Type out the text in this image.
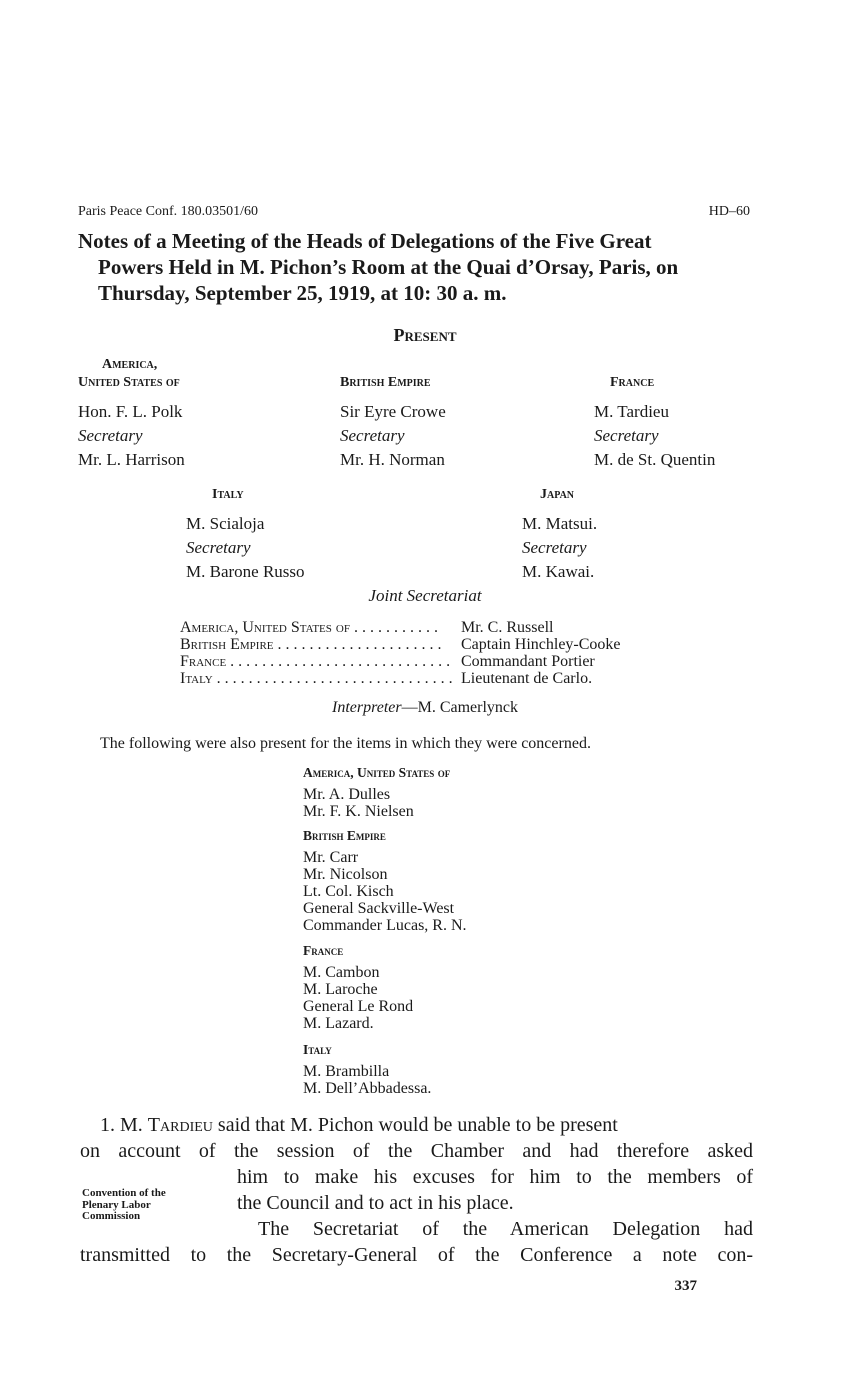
Paris Peace Conf. 180.03501/60	HD–60
Notes of a Meeting of the Heads of Delegations of the Five Great
Powers Held in M. Pichon’s Room at the Quai d’Orsay, Paris, on
Thursday, September 25, 1919, at 10: 30 a. m.
Present
America,
United States of
Hon. F. L. Polk
Secretary
Mr. L. Harrison
British Empire
Sir Eyre Crowe
Secretary
Mr. H. Norman
France
M. Tardieu
Secretary
M. de St. Quentin
Italy
M. Scialoja
Secretary
M. Barone Russo
Japan
M. Matsui.
Secretary
M. Kawai.
Joint Secretariat
America, United States of . . . . . . . . . . .	Mr. C. Russell
British Empire . . . . . . . . . . . . . . . . . . . . .	Captain Hinchley-Cooke
France . . . . . . . . . . . . . . . . . . . . . . . . . . . . Commandant Portier
Italy . . . . . . . . . . . . . . . . . . . . . . . . . . . . . . Lieutenant de Carlo.
Interpreter—M. Camerlynck
The following were also present for the items in which they were concerned.
America, United States of
Mr. A. Dulles
Mr. F. K. Nielsen
British Empire
Mr. Carr
Mr. Nicolson
Lt. Col. Kisch
General Sackville-West
Commander Lucas, R. N.
France
M. Cambon
M. Laroche
General Le Rond
M. Lazard.
Italy
M. Brambilla
M. Dell’Abbadessa.
1. M. Tardieu said that M. Pichon would be unable to be present
on account of the session of the Chamber and had therefore asked
him to make his excuses for him to the members of
the Council and to act in his place.
The Secretariat of the American Delegation had
transmitted to the Secretary-General of the Conference a note con-
Convention of the
Plenary Labor
Commission
337
